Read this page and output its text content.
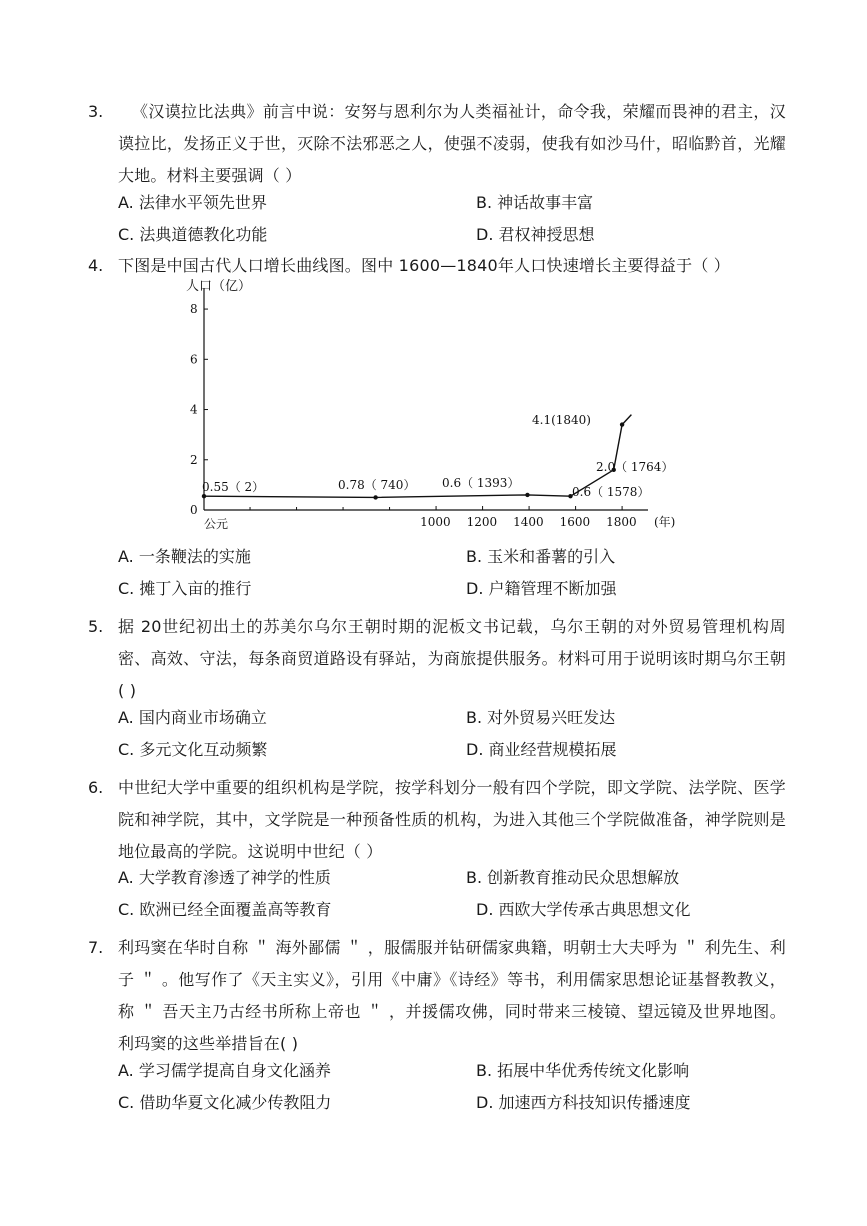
3.	《汉谟拉比法典》前言中说：安努与恩利尔为人类福祉计，命令我，荣耀而畏神的君主，汉谟拉比，发扬正义于世，灭除不法邪恶之人，使强不凌弱，使我有如沙马什，昭临黔首，光耀大地。材料主要强调（ ）
A. 法律水平领先世界	B. 神话故事丰富
C. 法典道德教化功能	D. 君权神授思想
4. 下图是中国古代人口增长曲线图。图中 1600—1840年人口快速增长主要得益于（ ）
0
2
4
6
8
1000 1200 1400 1600 1800
人口（亿）
(年)
公元
0.55（ 2）	0.78（ 740） 0.6（ 1393）
0.6（ 1578）
2.0（ 1764）
4.1(1840)
A. 一条鞭法的实施	B. 玉米和番薯的引入
C. 摊丁入亩的推行	D. 户籍管理不断加强
5. 据 20世纪初出土的苏美尔乌尔王朝时期的泥板文书记载，乌尔王朝的对外贸易管理机构周密、高效、守法，每条商贸道路设有驿站，为商旅提供服务。材料可用于说明该时期乌尔王朝( )
A. 国内商业市场确立	B. 对外贸易兴旺发达
C. 多元文化互动频繁	D. 商业经营规模拓展
6. 中世纪大学中重要的组织机构是学院，按学科划分一般有四个学院，即文学院、法学院、医学院和神学院，其中，文学院是一种预备性质的机构，为进入其他三个学院做准备，神学院则是地位最高的学院。这说明中世纪（ ）
A. 大学教育渗透了神学的性质	B. 创新教育推动民众思想解放
C. 欧洲已经全面覆盖高等教育	D. 西欧大学传承古典思想文化
7. 利玛窦在华时自称 ＂ 海外鄙儒 ＂ ，服儒服并钻研儒家典籍，明朝士大夫呼为 ＂ 利先生、利子 ＂ 。他写作了《天主实义》，引用《中庸》《诗经》等书，利用儒家思想论证基督教教义，称 ＂ 吾天主乃古经书所称上帝也 ＂ ，并援儒攻佛，同时带来三棱镜、望远镜及世界地图。利玛窦的这些举措旨在( )
A. 学习儒学提高自身文化涵养	B. 拓展中华优秀传统文化影响
C. 借助华夏文化减少传教阻力	D. 加速西方科技知识传播速度
